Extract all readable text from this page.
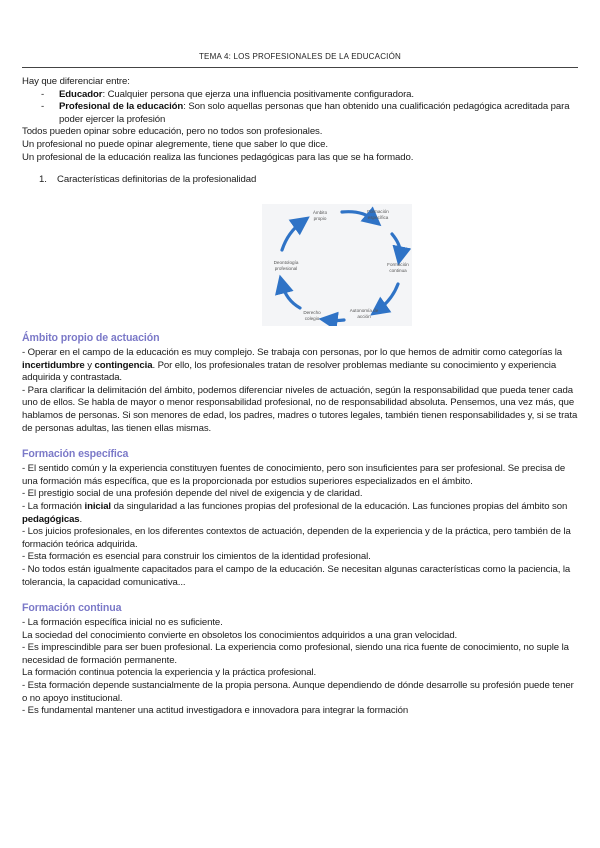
TEMA 4: LOS PROFESIONALES DE LA EDUCACIÓN

Hay que diferenciar entre:

-	Educador: Cualquier persona que ejerza una influencia positivamente configuradora.
-	Profesional de la educación: Son solo aquellas personas que han obtenido una cualificación pedagógica acreditada para poder ejercer la profesión

Todos pueden opinar sobre educación, pero no todos son profesionales.

Un profesional no puede opinar alegremente, tiene que saber lo que dice.

Un profesional de la educación realiza las funciones pedagógicas para las que se ha formado.

1.	Características definitorias de la profesionalidad
Ámbito propio
Formación específica
Formación continua
Autonomía de acción
Derecho colegio
Deontología profesional
Ámbito propio de actuación

- Operar en el campo de la educación es muy complejo. Se trabaja con personas, por lo que hemos de admitir como categorías la incertidumbre y contingencia. Por ello, los profesionales tratan de resolver problemas mediante su conocimiento y experiencia adquirida y contrastada.

- Para clarificar la delimitación del ámbito, podemos diferenciar niveles de actuación, según la responsabilidad que pueda tener cada uno de ellos. Se habla de mayor o menor responsabilidad profesional, no de responsabilidad absoluta. Pensemos, una vez más, que hablamos de personas. Si son menores de edad, los padres, madres o tutores legales, también tienen responsabilidades y, si se trata de personas adultas, las tienen ellas mismas.

Formación específica

- El sentido común y la experiencia constituyen fuentes de conocimiento, pero son insuficientes para ser profesional. Se precisa de una formación más específica, que es la proporcionada por estudios superiores especializados en el ámbito.

- El prestigio social de una profesión depende del nivel de exigencia y de claridad.

- La formación inicial da singularidad a las funciones propias del profesional de la educación. Las funciones propias del ámbito son pedagógicas.

- Los juicios profesionales, en los diferentes contextos de actuación, dependen de la experiencia y de la práctica, pero también de la formación teórica adquirida.

- Esta formación es esencial para construir los cimientos de la identidad profesional.

- No todos están igualmente capacitados para el campo de la educación. Se necesitan algunas características como la paciencia, la tolerancia, la capacidad comunicativa...

Formación continua

- La formación específica inicial no es suficiente.

La sociedad del conocimiento convierte en obsoletos los conocimientos adquiridos a una gran velocidad.

- Es imprescindible para ser buen profesional. La experiencia como profesional, siendo una rica fuente de conocimiento, no suple la necesidad de formación permanente.

La formación continua potencia la experiencia y la práctica profesional.

- Esta formación depende sustancialmente de la propia persona. Aunque dependiendo de dónde desarrolle su profesión puede tener o no apoyo institucional.

- Es fundamental mantener una actitud investigadora e innovadora para integrar la formación
